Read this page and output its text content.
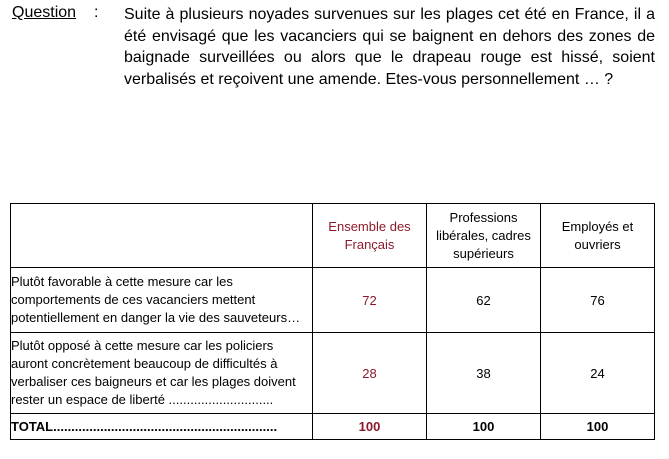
Question : Suite à plusieurs noyades survenues sur les plages cet été en France, il a été envisagé que les vacanciers qui se baignent en dehors des zones de baignade surveillées ou alors que le drapeau rouge est hissé, soient verbalisés et reçoivent une amende. Etes-vous personnellement … ?

	Ensemble des Français	Professions libérales, cadres supérieurs	Employés et ouvriers
Plutôt favorable à cette mesure car les comportements de ces vacanciers mettent potentiellement en danger la vie des sauveteurs…	72	62	76
Plutôt opposé à cette mesure car les policiers auront concrètement beaucoup de difficultés à verbaliser ces baigneurs et car les plages doivent rester un espace de liberté .............................	28	38	24
TOTAL..............................................................	100	100	100
